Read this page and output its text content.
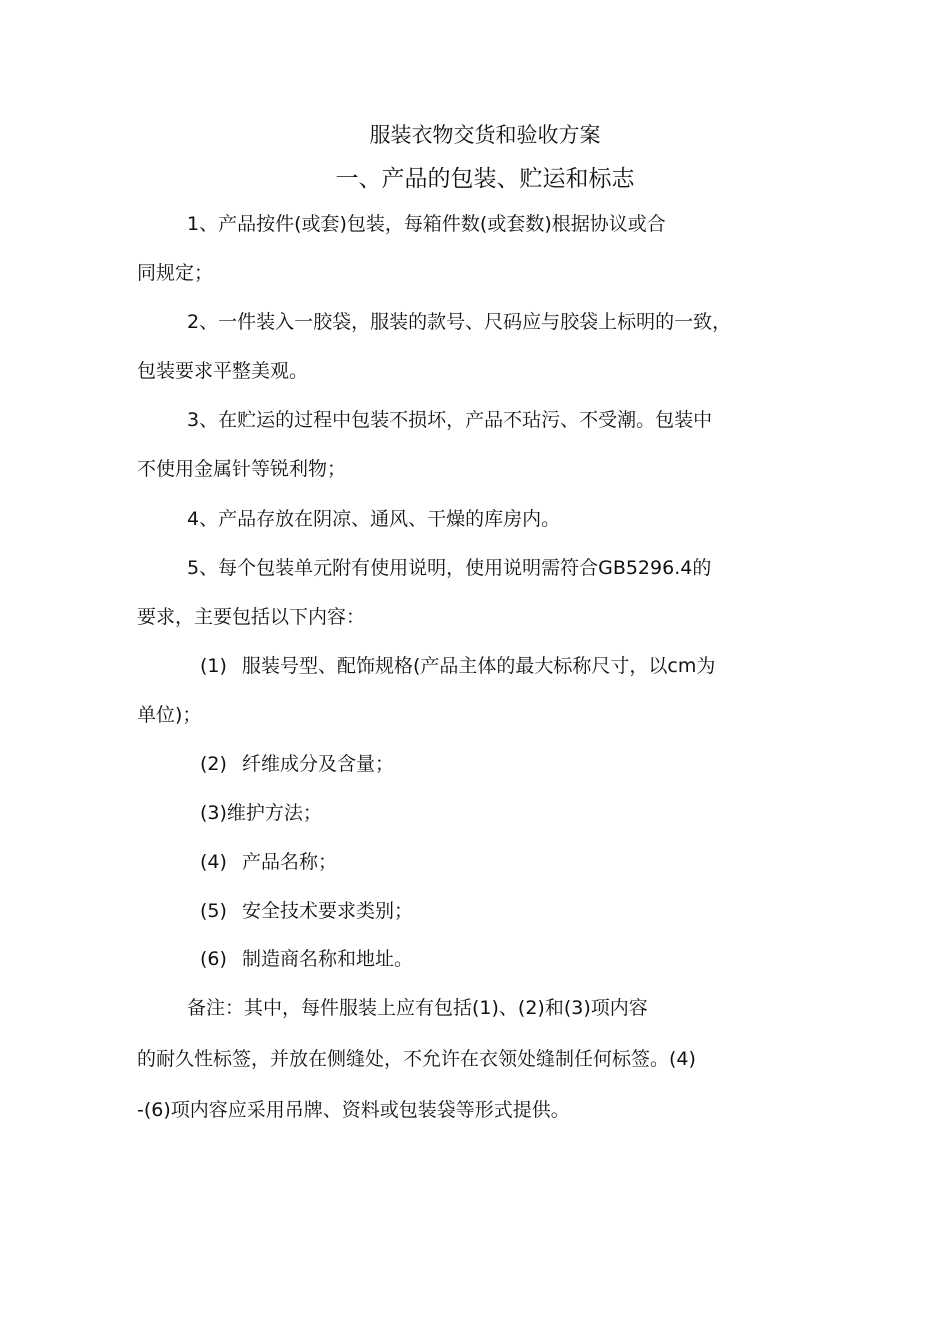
服装衣物交货和验收方案
一、产品的包装、贮运和标志
1、产品按件(或套)包装，每箱件数(或套数)根据协议或合
同规定；
2、一件装入一胶袋，服装的款号、尺码应与胶袋上标明的一致，
包装要求平整美观。
3、在贮运的过程中包装不损坏，产品不玷污、不受潮。包装中
不使用金属针等锐利物；
4、产品存放在阴凉、通风、干燥的库房内。
5、每个包装单元附有使用说明，使用说明需符合GB5296.4的
要求，主要包括以下内容：
(1) 服装号型、配饰规格(产品主体的最大标称尺寸，以cm为
单位)；
(2) 纤维成分及含量；
(3)维护方法；
(4) 产品名称；
(5) 安全技术要求类别；
(6) 制造商名称和地址。
备注：其中，每件服装上应有包括(1)、(2)和(3)项内容
的耐久性标签，并放在侧缝处，不允许在衣领处缝制任何标签。(4)
-(6)项内容应采用吊牌、资料或包装袋等形式提供。
